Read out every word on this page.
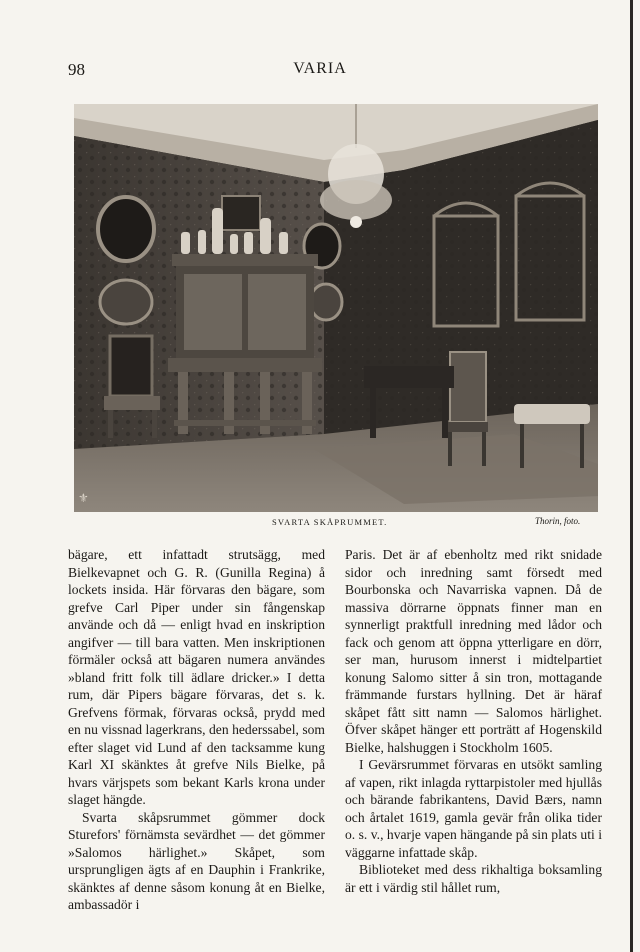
98	VARIA
⚜
SVARTA SKÅPRUMMET.	Thorin, foto.

bägare, ett infattadt strutsägg, med Bielkevapnet och G. R. (Gunilla Regina) å lockets insida. Här förvaras den bägare, som grefve Carl Piper under sin fångenskap använde och då — enligt hvad en inskription angifver — till bara vatten. Men inskriptionen förmäler också att bägaren numera användes »bland fritt folk till ädlare dricker.» I detta rum, där Pipers bägare förvaras, det s. k. Grefvens förmak, förvaras också, prydd med en nu vissnad lagerkrans, den hederssabel, som efter slaget vid Lund af den tacksamme kung Karl XI skänktes åt grefve Nils Bielke, på hvars värjspets som bekant Karls krona under slaget hängde.

Svarta skåpsrummet gömmer dock Sturefors' förnämsta sevärdhet — det gömmer »Salomos härlighet.» Skåpet, som ursprungligen ägts af en Dauphin i Frankrike, skänktes af denne såsom konung åt en Bielke, ambassadör i

Paris. Det är af ebenholtz med rikt snidade sidor och inredning samt försedt med Bourbonska och Navarriska vapnen. Då de massiva dörrarne öppnats finner man en synnerligt praktfull inredning med lådor och fack och genom att öppna ytterligare en dörr, ser man, hurusom innerst i midtelpartiet konung Salomo sitter å sin tron, mottagande främmande furstars hyllning. Det är häraf skåpet fått sitt namn — Salomos härlighet. Öfver skåpet hänger ett porträtt af Hogenskild Bielke, halshuggen i Stockholm 1605.

I Gevärsrummet förvaras en utsökt samling af vapen, rikt inlagda ryttarpistoler med hjullås och bärande fabrikantens, David Bærs, namn och årtalet 1619, gamla gevär från olika tider o. s. v., hvarje vapen hängande på sin plats uti i väggarne infattade skåp.

Biblioteket med dess rikhaltiga boksamling är ett i värdig stil hållet rum,
